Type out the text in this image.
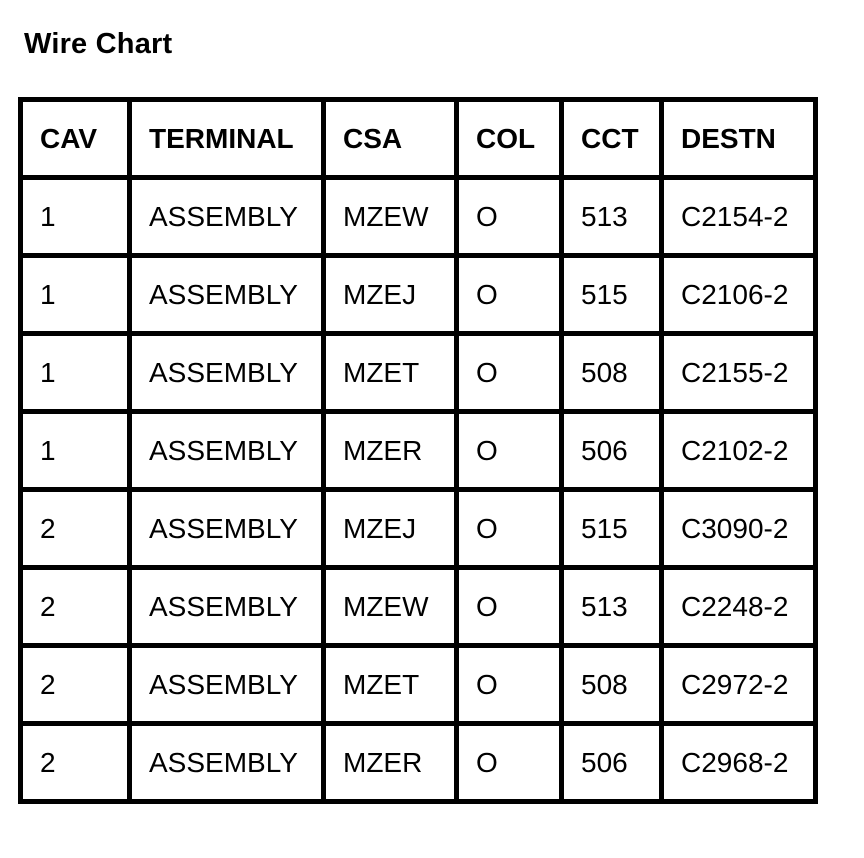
Wire Chart
CAV	TERMINAL	CSA	COL	CCT	DESTN
1	ASSEMBLY	MZEW	O	513	C2154-2
1	ASSEMBLY	MZEJ	O	515	C2106-2
1	ASSEMBLY	MZET	O	508	C2155-2
1	ASSEMBLY	MZER	O	506	C2102-2
2	ASSEMBLY	MZEJ	O	515	C3090-2
2	ASSEMBLY	MZEW	O	513	C2248-2
2	ASSEMBLY	MZET	O	508	C2972-2
2	ASSEMBLY	MZER	O	506	C2968-2
